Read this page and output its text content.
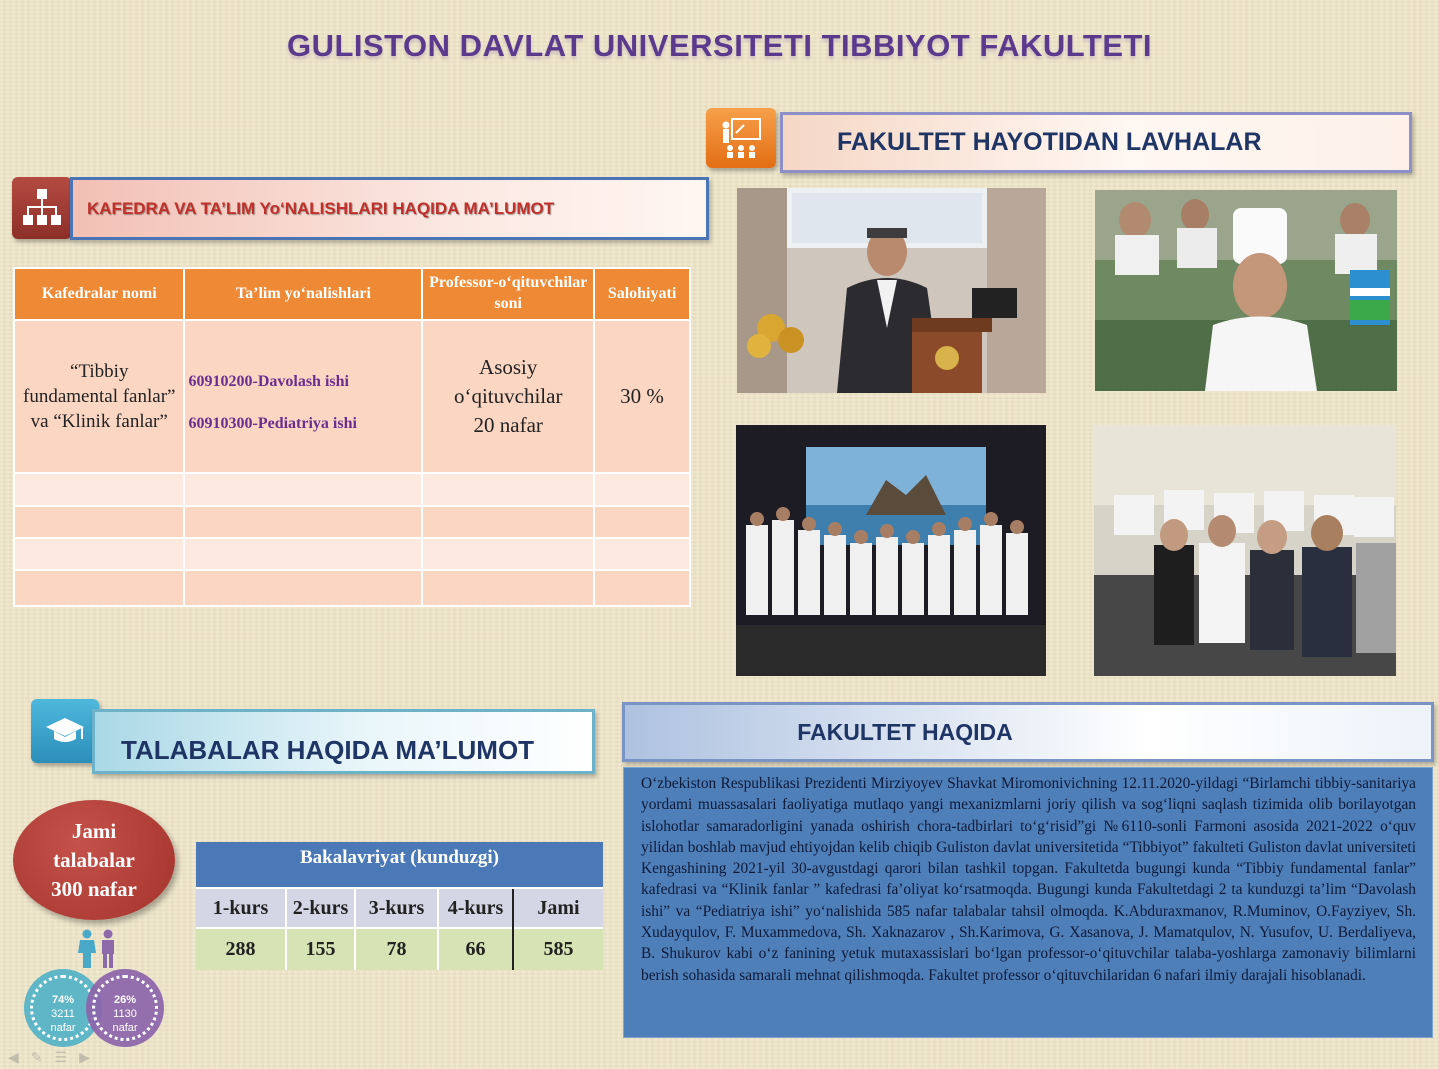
GULISTON DAVLAT UNIVERSITETI TIBBIYOT FAKULTETI
KAFEDRA VA TA’LIM Yo‘NALISHLARI HAQIDA MA’LUMOT
Kafedralar nomi	Ta’lim yo‘nalishlari	Professor-o‘qituvchilar soni	Salohiyati
“Tibbiy fundamental fanlar” va “Klinik fanlar”	60910200-Davolash ishi
60910300-Pediatriya ishi	Asosiy o‘qituvchilar 20 nafar	30 %

FAKULTET HAYOTIDAN LAVHALAR
TALABALAR HAQIDA MA’LUMOT
Jami
talabalar
300 nafar
74%
3211
nafar
26%
1130
nafar
Bakalavriyat (kunduzgi)				
1-kurs	2-kurs	3-kurs	4-kurs	Jami
288	155	78	66	585
FAKULTET HAQIDA
O‘zbekiston Respublikasi Prezidenti Mirziyoyev Shavkat Miromonivichning 12.11.2020-yildagi “Birlamchi tibbiy-sanitariya yordami muassasalari faoliyatiga mutlaqo yangi mexanizmlarni joriy qilish va sog‘liqni saqlash tizimida olib borilayotgan islohotlar samaradorligini yanada oshirish chora-tadbirlari to‘g‘risid”gi №6110-sonli Farmoni asosida 2021-2022 o‘quv yilidan boshlab mavjud ehtiyojdan kelib chiqib Guliston davlat universitetida “Tibbiyot” fakulteti Guliston davlat universiteti Kengashining 2021-yil 30-avgustdagi qarori bilan tashkil topgan. Fakultetda bugungi kunda “Tibbiy fundamental fanlar” kafedrasi va “Klinik fanlar ” kafedrasi fa’oliyat ko‘rsatmoqda. Bugungi kunda Fakultetdagi 2 ta kunduzgi ta’lim “Davolash ishi” va “Pediatriya ishi” yo‘nalishida 585 nafar talabalar tahsil olmoqda. K.Abduraxmanov, R.Muminov, O.Fayziyev, Sh. Xudayqulov, F. Muxammedova, Sh. Xaknazarov , Sh.Karimova, G. Xasanova, J. Mamatqulov, N. Yusufov, U. Berdaliyeva, B. Shukurov kabi o‘z fanining yetuk mutaxassislari bo‘lgan professor-o‘qituvchilar talaba-yoshlarga zamonaviy bilimlarni berish sohasida samarali mehnat qilishmoqda. Fakultet professor o‘qituvchilaridan 6 nafari ilmiy darajali hisoblanadi.
◀ ✎ ☰ ▶
